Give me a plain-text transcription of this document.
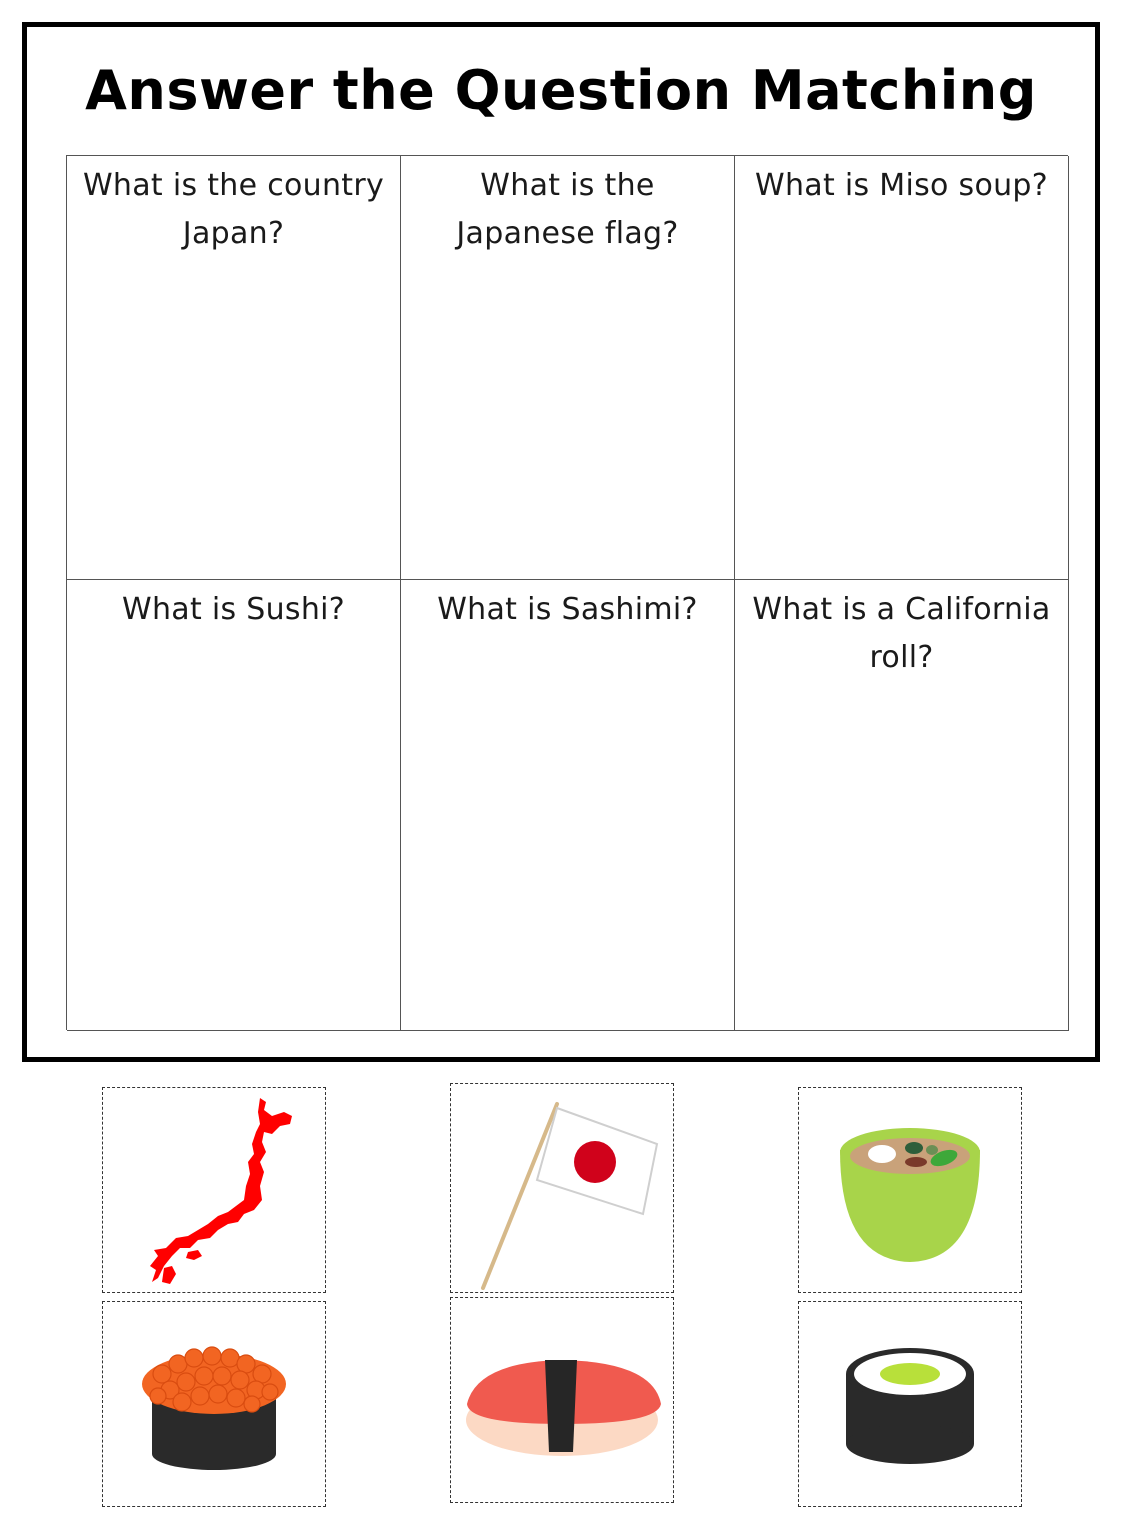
Answer the Question Matching
What is the country Japan?
What is the Japanese flag?
What is Miso soup?
What is Sushi?	What is Sashimi?	What is a California roll?
